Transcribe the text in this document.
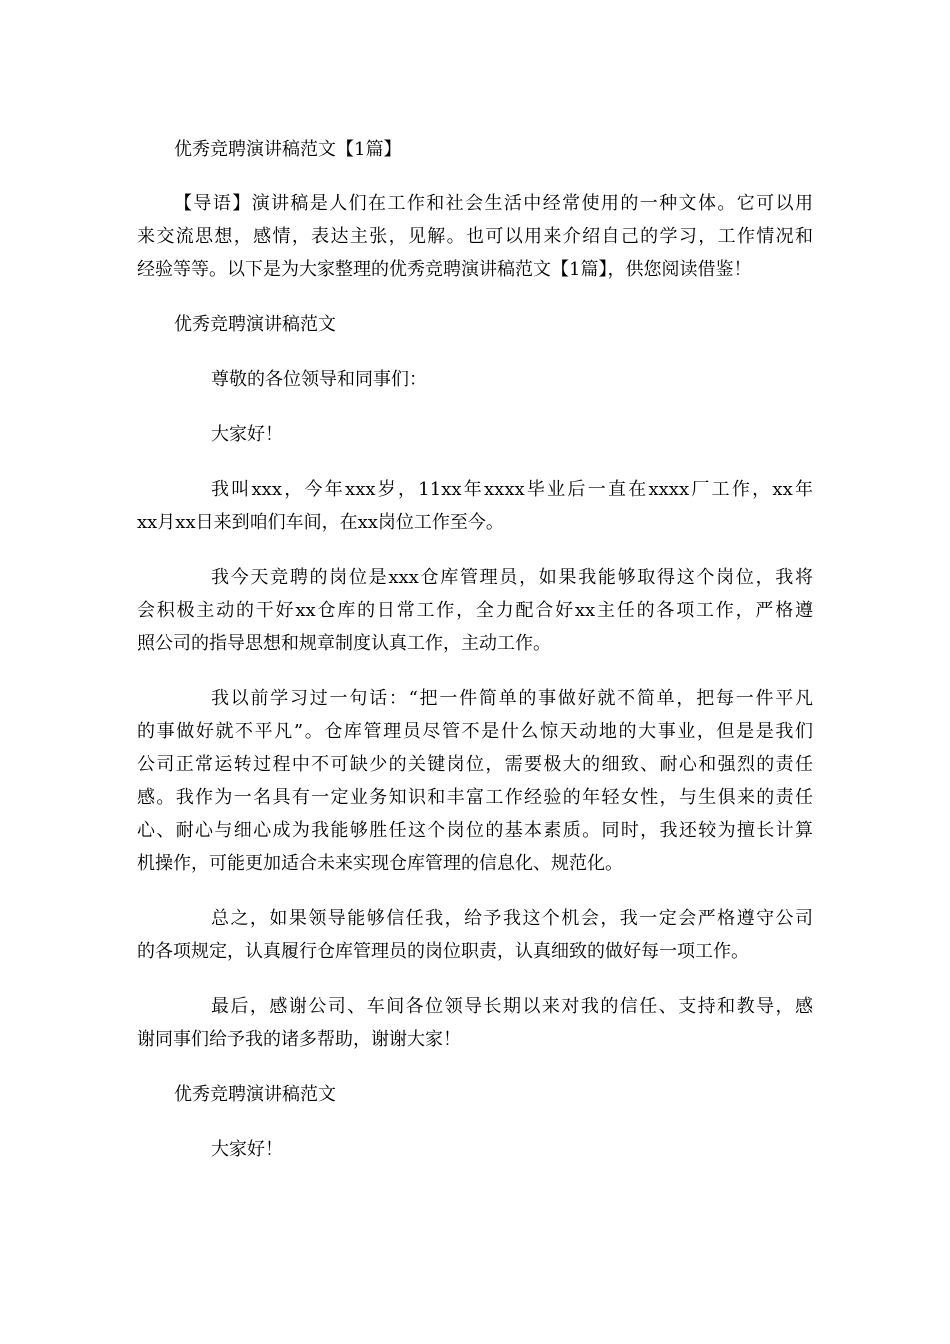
优秀竞聘演讲稿范文【1篇】
【导语】演讲稿是人们在工作和社会生活中经常使用的一种文体。它可以用
来交流思想，感情，表达主张，见解。也可以用来介绍自己的学习，工作情况和
经验等等。以下是为大家整理的优秀竞聘演讲稿范文【1篇】，供您阅读借鉴！
优秀竞聘演讲稿范文
尊敬的各位领导和同事们：
大家好！
我叫xxx，今年xxx岁，11xx年xxxx毕业后一直在xxxx厂工作，xx年
xx月xx日来到咱们车间，在xx岗位工作至今。
我今天竞聘的岗位是xxx仓库管理员，如果我能够取得这个岗位，我将
会积极主动的干好xx仓库的日常工作，全力配合好xx主任的各项工作，严格遵
照公司的指导思想和规章制度认真工作，主动工作。
我以前学习过一句话：“把一件简单的事做好就不简单，把每一件平凡
的事做好就不平凡”。仓库管理员尽管不是什么惊天动地的大事业，但是是我们
公司正常运转过程中不可缺少的关键岗位，需要极大的细致、耐心和强烈的责任
感。我作为一名具有一定业务知识和丰富工作经验的年轻女性，与生俱来的责任
心、耐心与细心成为我能够胜任这个岗位的基本素质。同时，我还较为擅长计算
机操作，可能更加适合未来实现仓库管理的信息化、规范化。
总之，如果领导能够信任我，给予我这个机会，我一定会严格遵守公司
的各项规定，认真履行仓库管理员的岗位职责，认真细致的做好每一项工作。
最后，感谢公司、车间各位领导长期以来对我的信任、支持和教导，感
谢同事们给予我的诸多帮助，谢谢大家！
优秀竞聘演讲稿范文
大家好！
